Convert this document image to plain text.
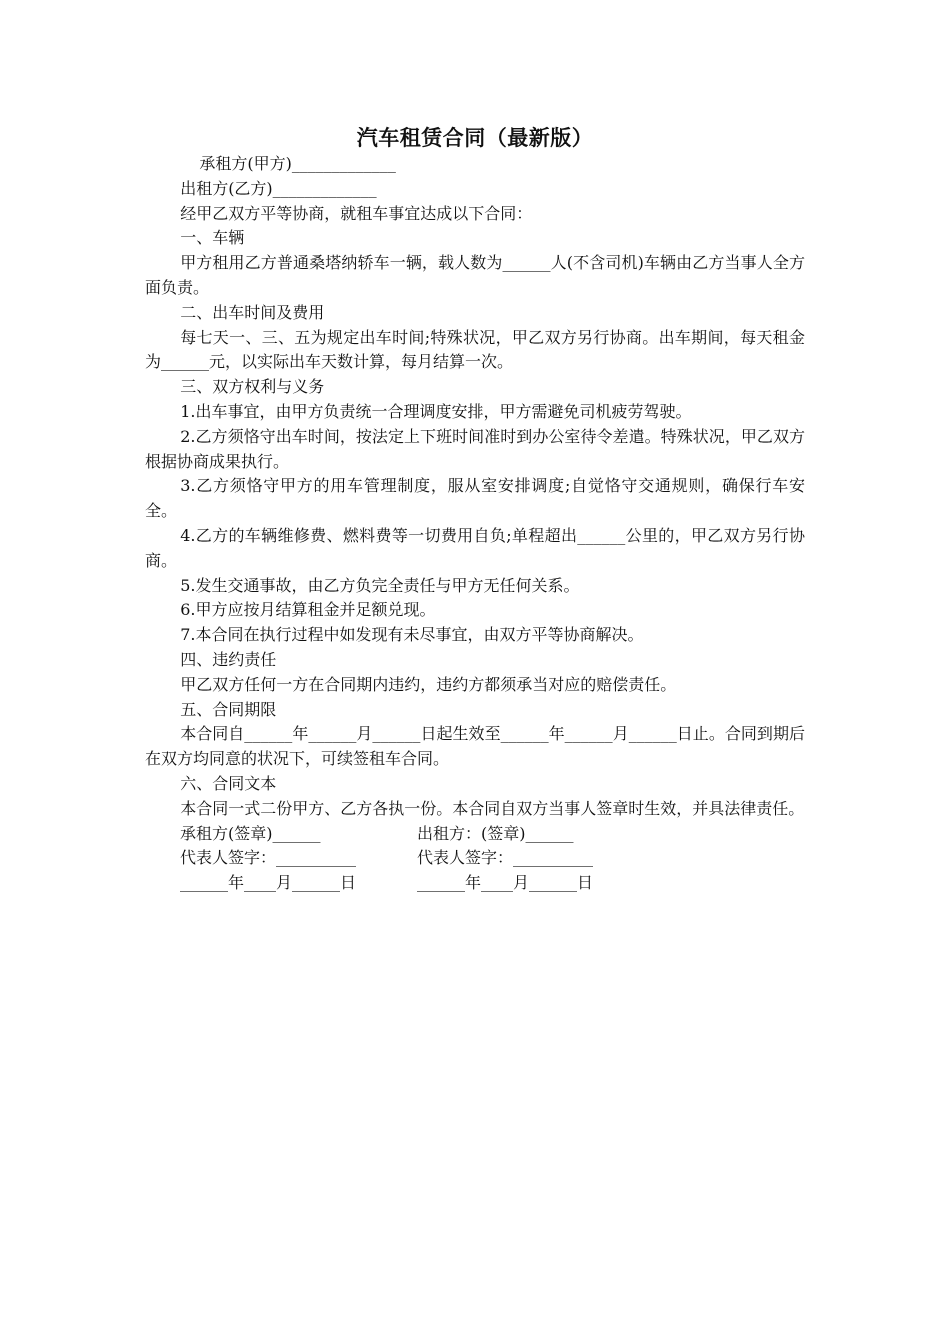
汽车租赁合同（最新版）

承租方(甲方)_____________

出租方(乙方)_____________

经甲乙双方平等协商，就租车事宜达成以下合同：

一、车辆

甲方租用乙方普通桑塔纳轿车一辆，载人数为______人(不含司机)车辆由乙方当事人全方面负责。

二、出车时间及费用

每七天一、三、五为规定出车时间;特殊状况，甲乙双方另行协商。出车期间，每天租金为______元，以实际出车天数计算，每月结算一次。

三、双方权利与义务

1.出车事宜，由甲方负责统一合理调度安排，甲方需避免司机疲劳驾驶。

2.乙方须恪守出车时间，按法定上下班时间准时到办公室待令差遣。特殊状况，甲乙双方根据协商成果执行。

3.乙方须恪守甲方的用车管理制度，服从室安排调度;自觉恪守交通规则，确保行车安全。

4.乙方的车辆维修费、燃料费等一切费用自负;单程超出______公里的，甲乙双方另行协商。

5.发生交通事故，由乙方负完全责任与甲方无任何关系。

6.甲方应按月结算租金并足额兑现。

7.本合同在执行过程中如发现有未尽事宜，由双方平等协商解决。

四、违约责任

甲乙双方任何一方在合同期内违约，违约方都须承当对应的赔偿责任。

五、合同期限

本合同自______年______月______日起生效至______年______月______日止。合同到期后在双方均同意的状况下，可续签租车合同。

六、合同文本

本合同一式二份甲方、乙方各执一份。本合同自双方当事人签章时生效，并具法律责任。

承租方(签章)______	出租方：(签章)______
代表人签字：__________	代表人签字：__________
______年____月______日	______年____月______日
